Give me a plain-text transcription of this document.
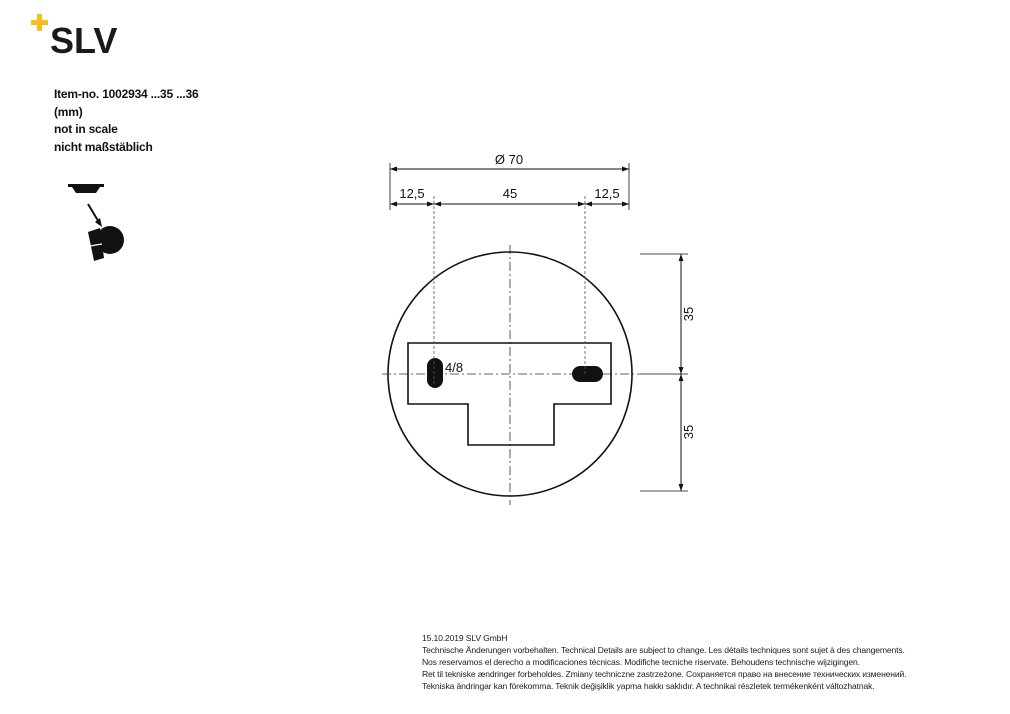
SLV
Item-no. 1002934 ...35 ...36
(mm)
not in scale
nicht maßstäblich
Ø 70
12,5	45	12,5
35
35
4/8
15.10.2019 SLV GmbH
Technische Änderungen vorbehalten. Technical Details are subject to change. Les détails techniques sont sujet à des changements.
Nos reservamos el derecho a modificaciones técnicas. Modifiche tecniche riservate. Behoudens technische wijzigingen.
Ret til tekniske ændringer forbeholdes. Zmiany techniczne zastrzeżone. Сохраняется право на внесение технических изменений.
Tekniska ändringar kan förekomma. Teknik değişiklik yapma hakkı saklıdır. A technikai részletek termékenként változhatnak.
